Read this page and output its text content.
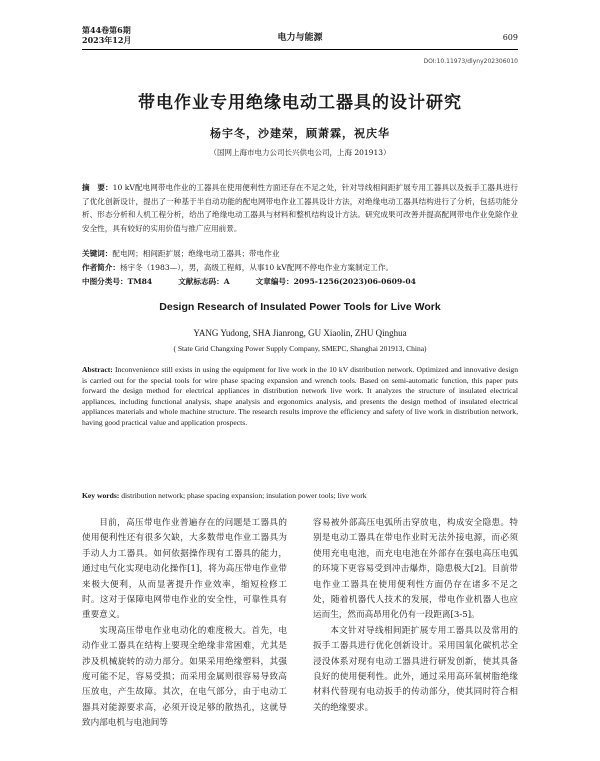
第44卷第6期
2023年12月	电力与能源	609
DOI:10.11973/dlyny202306010
带电作业专用绝缘电动工器具的设计研究
杨宇冬，沙建荣，顾萧霖，祝庆华
（国网上海市电力公司长兴供电公司，上海 201913）
摘　要：10 kV配电网带电作业的工器具在使用便利性方面还存在不足之处，针对导线相间距扩展专用工器具以及扳手工器具进行了优化创新设计，提出了一种基于半自动功能的配电网带电作业工器具设计方法，对绝缘电动工器具结构进行了分析，包括功能分析、形态分析和人机工程分析，给出了绝缘电动工器具与材料和整机结构设计方法。研究成果可改善并提高配网带电作业免除作业安全性，具有较好的实用价值与推广应用前景。
关键词：配电网；相间距扩展；绝缘电动工器具；带电作业
作者简介：杨宇冬（1983—），男，高级工程师，从事10 kV配网不停电作业方案制定工作。
中图分类号：TM84	文献标志码：A	文章编号：2095-1256(2023)06-0609-04
Design Research of Insulated Power Tools for Live Work
YANG Yudong, SHA Jianrong, GU Xiaolin, ZHU Qinghua
( State Grid Changxing Power Supply Company, SMEPC, Shanghai 201913, China)
Abstract: Inconvenience still exists in using the equipment for live work in the 10 kV distribution network. Optimized and innovative design is carried out for the special tools for wire phase spacing expansion and wrench tools. Based on semi-automatic function, this paper puts forward the design method for electrical appliances in distribution network live work. It analyzes the structure of insulated electrical appliances, including functional analysis, shape analysis and ergonomics analysis, and presents the design method of insulated electrical appliances materials and whole machine structure. The research results improve the efficiency and safety of live work in distribution network, having good practical value and application prospects.
Key words: distribution network; phase spacing expansion; insulation power tools; live work

目前，高压带电作业普遍存在的问题是工器具的使用便利性还有很多欠缺，大多数带电作业工器具为手动人力工器具。如何依据操作现有工器具的能力，通过电气化实现电动化操作[1]，将为高压带电作业带来极大便利，从而显著提升作业效率，缩短检修工时。这对于保障电网带电作业的安全性，可靠性具有重要意义。

实现高压带电作业电动化的难度极大。首先，电动作业工器具在结构上要现全绝缘非常困难，尤其是涉及机械旋转的动力部分。如果采用绝缘塑料，其强度可能不足，容易受损；而采用金属则很容易导致高压放电，产生故障。其次，在电气部分，由于电动工器具对能源要求高，必须开设足够的散热孔，这就导致内部电机与电池间等

容易被外部高压电弧所击穿放电，构成安全隐患。特别是电动工器具在带电作业时无法外接电源，而必须使用充电电池，而充电电池在外部存在强电高压电弧的环境下更容易受到冲击爆炸，隐患极大[2]。目前带电作业工器具在使用便利性方面仍存在诸多不足之处，随着机器代人技术的发展，带电作业机器人也应运而生，然而高昂用化仍有一段距离[3-5]。

本文针对导线相间距扩展专用工器具以及常用的扳手工器具进行优化创新设计。采用国氧化碳机芯全浸没体系对现有电动工器具进行研发创新，使其具备良好的使用便利性。此外，通过采用高环氧树脂绝缘材料代替现有电动扳手的传动部分，使其同时符合相关的绝缘要求。
